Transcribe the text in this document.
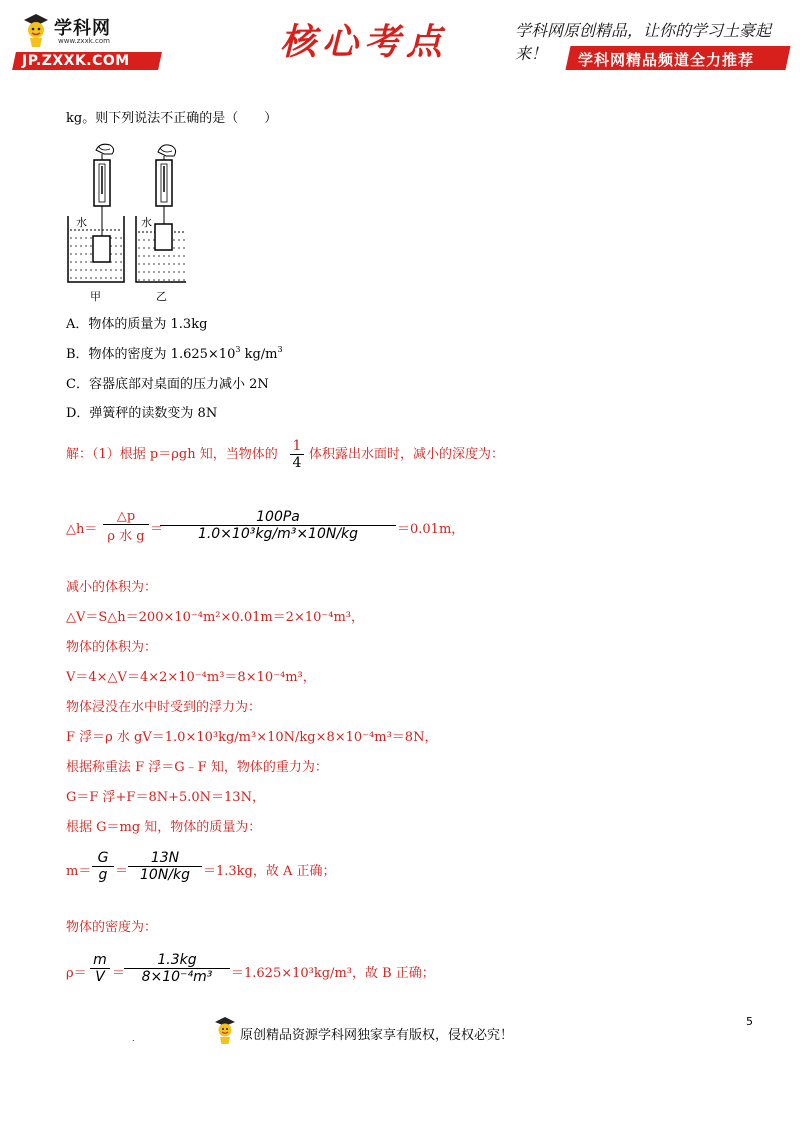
学科网
www.zxxk.com
JP.ZXXK.COM	核心考点	学科网原创精品，让你的学习土豪起来！	学科网精品频道全力推荐
kg。则下列说法不正确的是（　　）
水	水
甲	乙
A．物体的质量为 1.3kg
B．物体的密度为 $1.625\times 10^3$ $kg/m^3$
C．容器底部对桌面的压力减小 2N
D．弹簧秤的读数变为 8N
解：（1）根据 p＝ρgh 知，当物体的
1
4
体积露出水面时，减小的深度为：
△h＝
△p
ρ 水 g ＝
100Pa
1.0×10³kg/m³×10N/kg	＝0.01m，
减小的体积为：
△V＝S△h＝200×10⁻⁴m²×0.01m＝2×10⁻⁴m³，
物体的体积为：
V＝4×△V＝4×2×10⁻⁴m³＝8×10⁻⁴m³，
物体浸没在水中时受到的浮力为：
F 浮＝ρ 水 gV＝1.0×10³kg/m³×10N/kg×8×10⁻⁴m³＝8N，
根据称重法 F 浮＝G﹣F 知，物体的重力为：
G＝F 浮+F＝8N+5.0N＝13N，
根据 G＝mg 知，物体的质量为：
m＝
G
g ＝
13N
10N/kg	＝1.3kg，故 A 正确；
物体的密度为：
ρ＝
m
V ＝
1.3kg
8×10⁻⁴m³	＝1.625×10³kg/m³，故 B 正确；
.	原创精品资源学科网独家享有版权，侵权必究！
5
